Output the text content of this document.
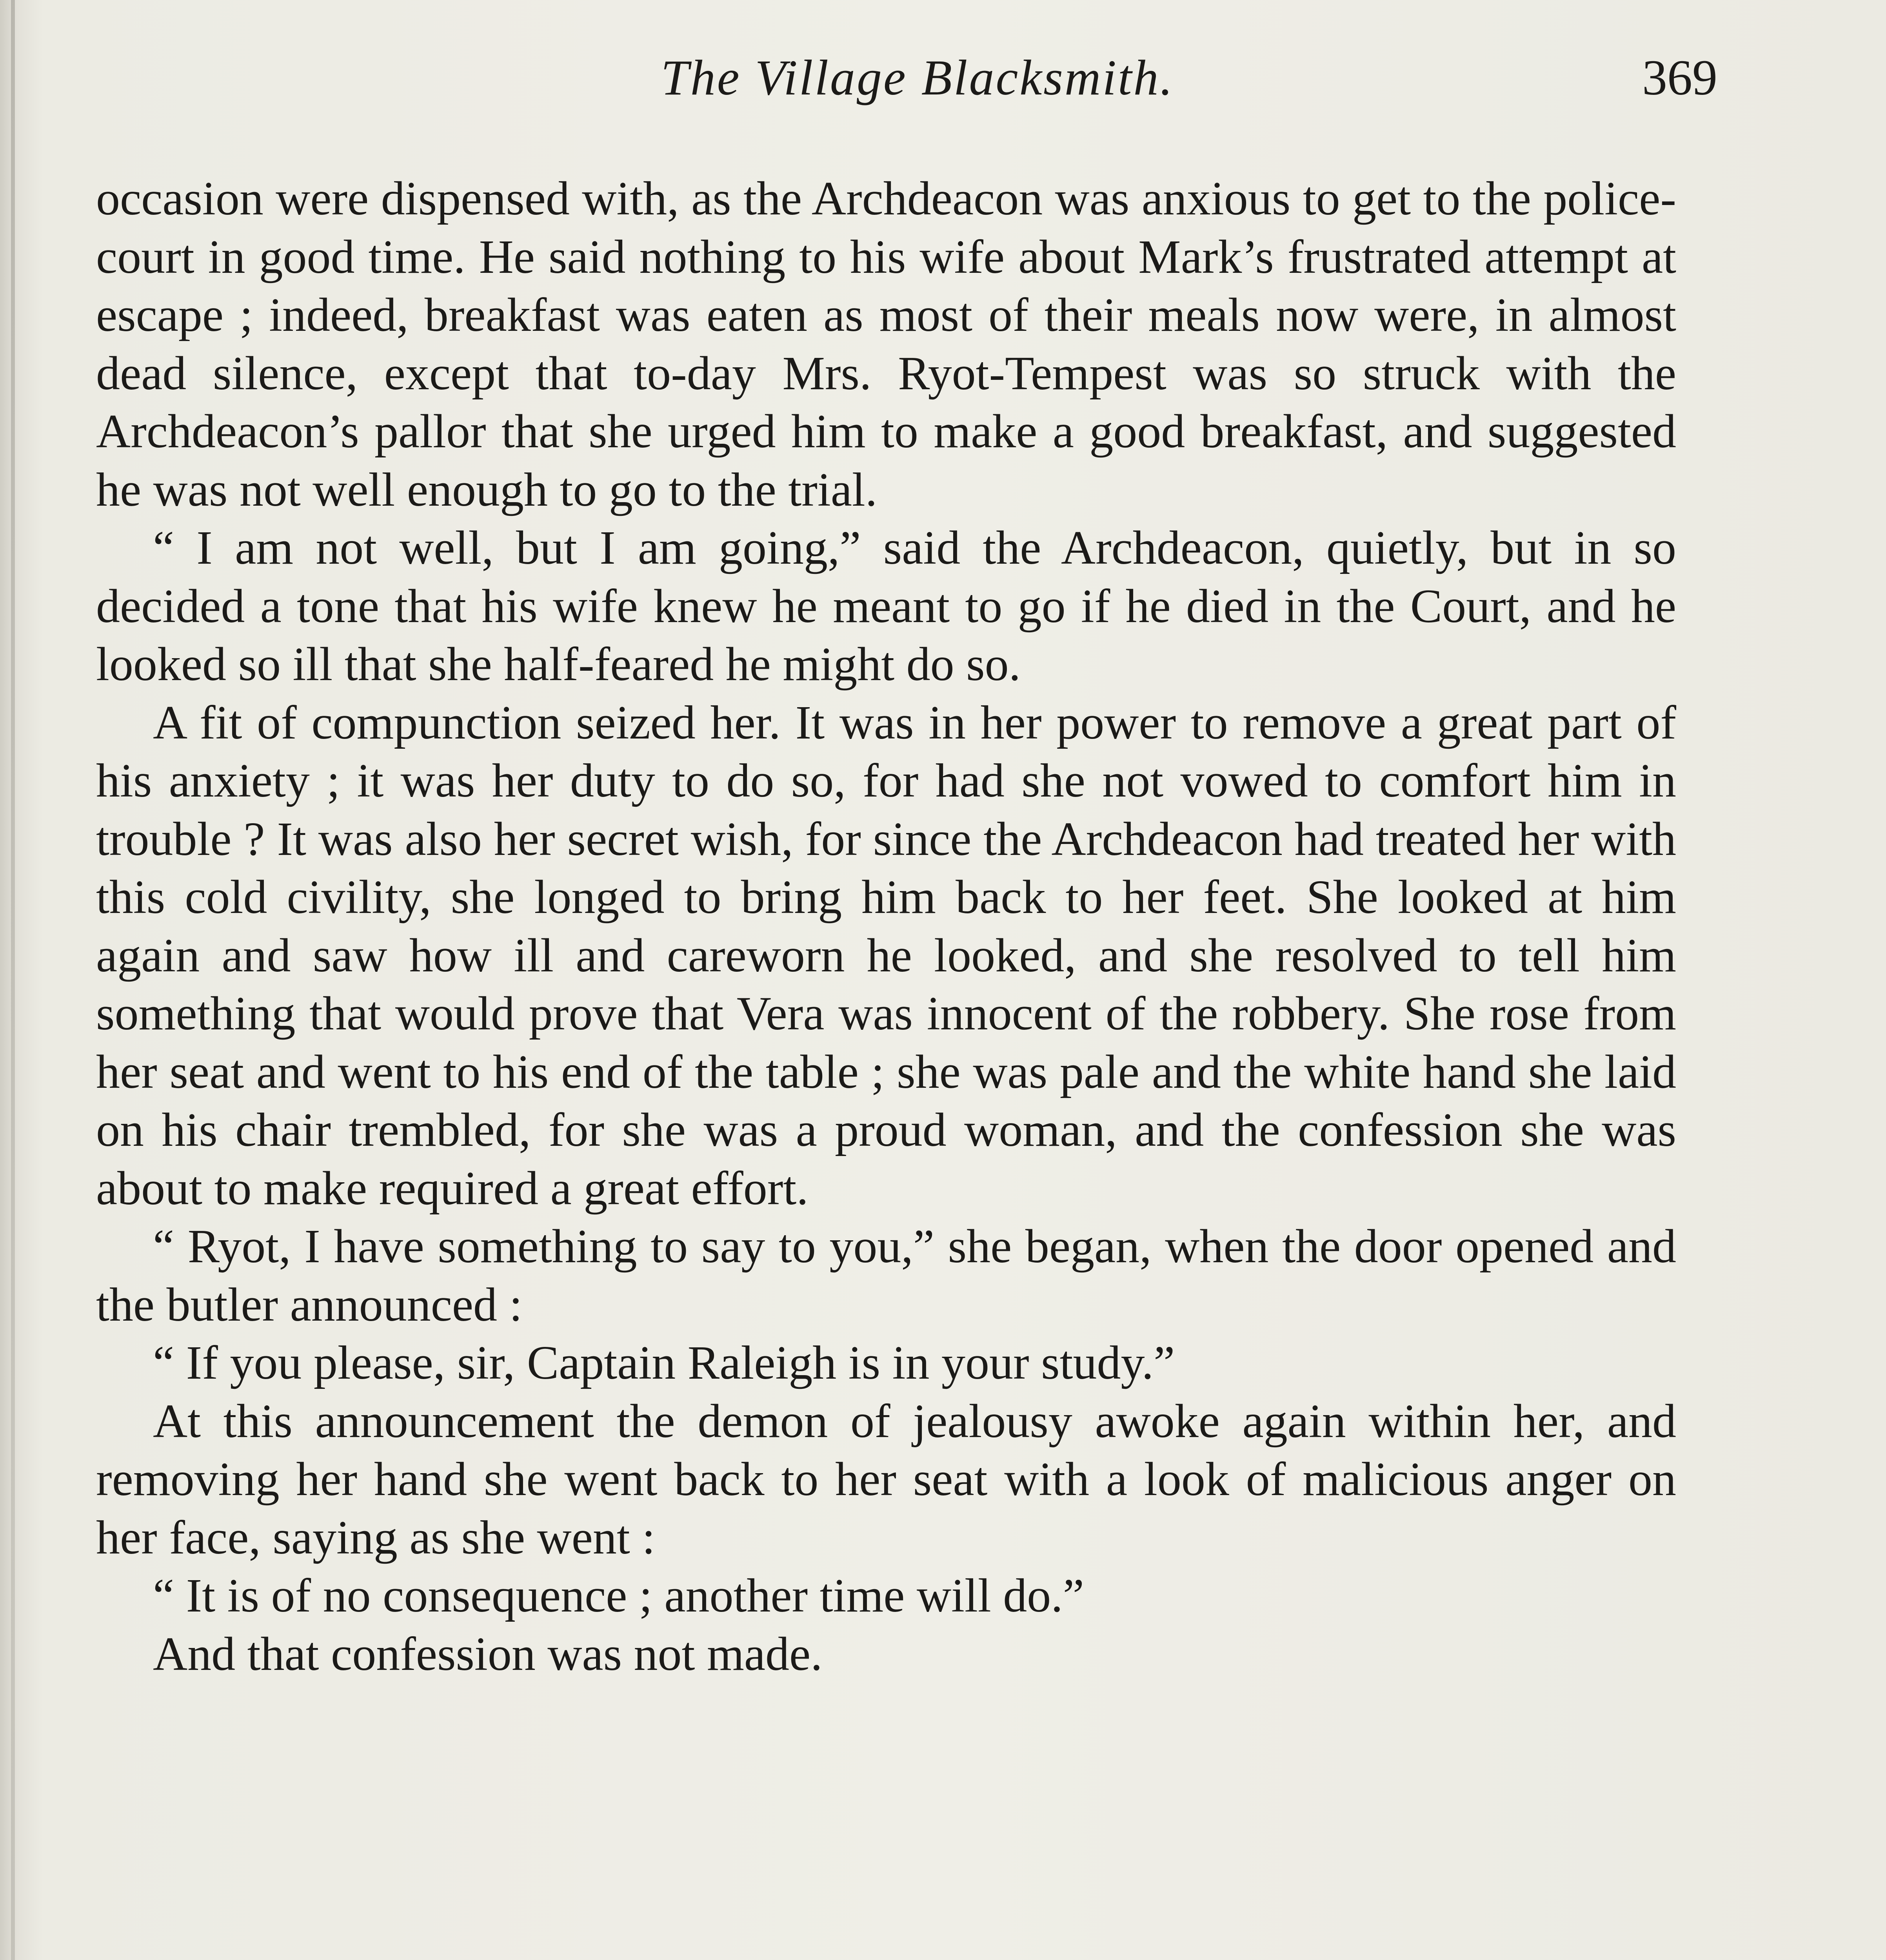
The Village Blacksmith.	369

occasion were dispensed with, as the Archdeacon was anxious to get to the police-court in good time. He said nothing to his wife about Mark’s frustrated attempt at escape ; indeed, breakfast was eaten as most of their meals now were, in almost dead silence, except that to-day Mrs. Ryot-Tempest was so struck with the Archdeacon’s pallor that she urged him to make a good breakfast, and suggested he was not well enough to go to the trial.

“ I am not well, but I am going,” said the Archdeacon, quietly, but in so decided a tone that his wife knew he meant to go if he died in the Court, and he looked so ill that she half-feared he might do so.

A fit of compunction seized her. It was in her power to remove a great part of his anxiety ; it was her duty to do so, for had she not vowed to comfort him in trouble ? It was also her secret wish, for since the Archdeacon had treated her with this cold civility, she longed to bring him back to her feet. She looked at him again and saw how ill and careworn he looked, and she resolved to tell him something that would prove that Vera was innocent of the robbery. She rose from her seat and went to his end of the table ; she was pale and the white hand she laid on his chair trembled, for she was a proud woman, and the confession she was about to make required a great effort.

“ Ryot, I have something to say to you,” she began, when the door opened and the butler announced :

“ If you please, sir, Captain Raleigh is in your study.”

At this announcement the demon of jealousy awoke again within her, and removing her hand she went back to her seat with a look of malicious anger on her face, saying as she went :

“ It is of no consequence ; another time will do.”

And that confession was not made.
